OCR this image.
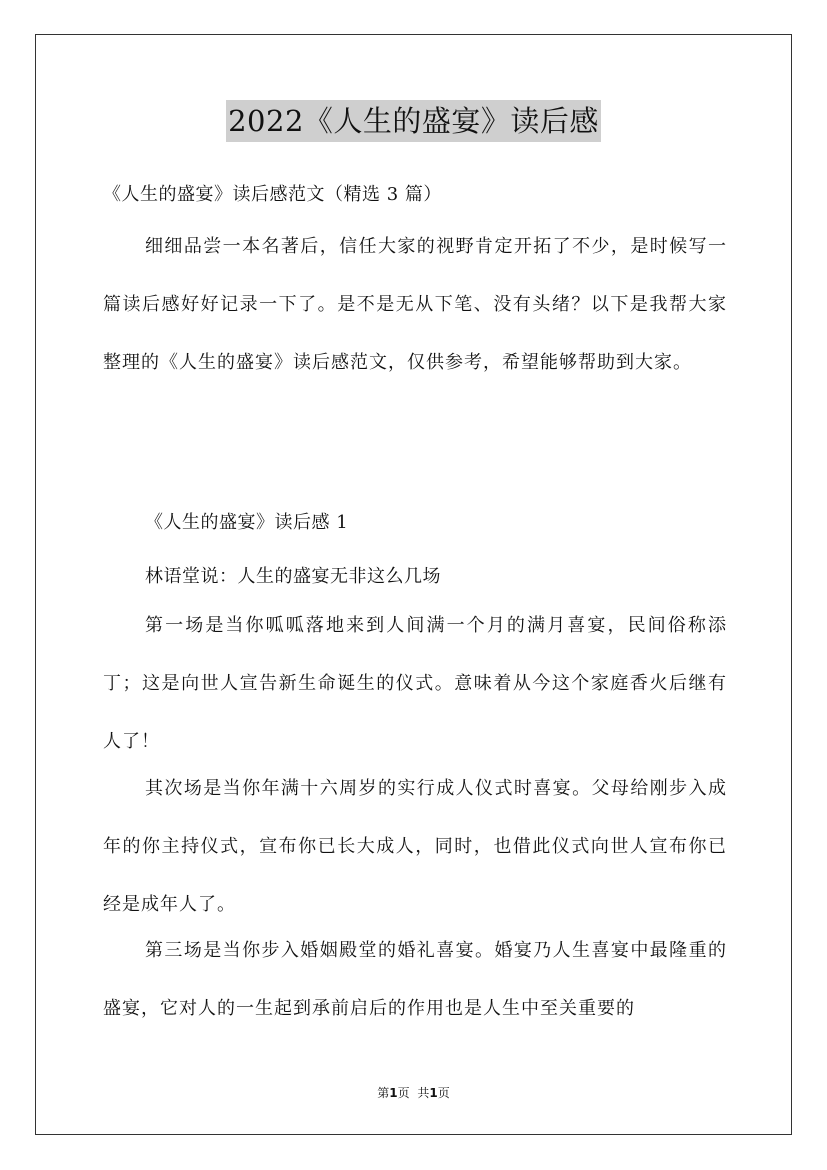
2022《人生的盛宴》读后感
《人生的盛宴》读后感范文（精选 3 篇）
细细品尝一本名著后，信任大家的视野肯定开拓了不少，是时候写一篇读后感好好记录一下了。是不是无从下笔、没有头绪？以下是我帮大家整理的《人生的盛宴》读后感范文，仅供参考，希望能够帮助到大家。
《人生的盛宴》读后感 1
林语堂说：人生的盛宴无非这么几场
第一场是当你呱呱落地来到人间满一个月的满月喜宴，民间俗称添丁；这是向世人宣告新生命诞生的仪式。意味着从今这个家庭香火后继有人了！
其次场是当你年满十六周岁的实行成人仪式时喜宴。父母给刚步入成年的你主持仪式，宣布你已长大成人，同时，也借此仪式向世人宣布你已经是成年人了。
第三场是当你步入婚姻殿堂的婚礼喜宴。婚宴乃人生喜宴中最隆重的盛宴，它对人的一生起到承前启后的作用也是人生中至关重要的
第1页 共1页
